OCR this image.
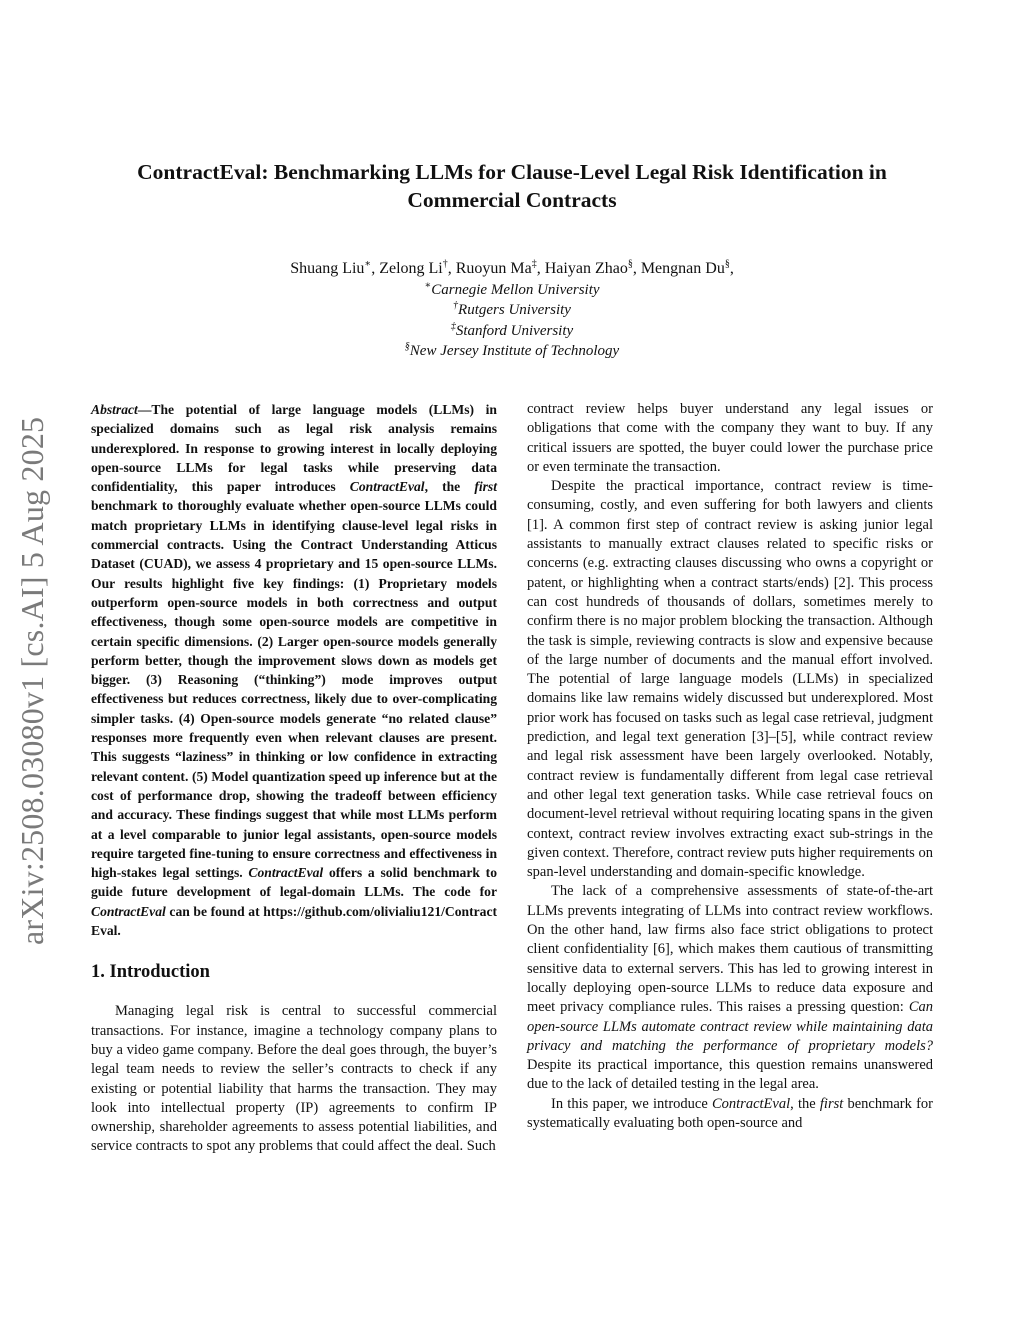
arXiv:2508.03080v1 [cs.AI] 5 Aug 2025
ContractEval: Benchmarking LLMs for Clause-Level Legal Risk Identification in
Commercial Contracts
Shuang Liu∗, Zelong Li†, Ruoyun Ma‡, Haiyan Zhao§, Mengnan Du§,
∗Carnegie Mellon University
†Rutgers University
‡Stanford University
§New Jersey Institute of Technology

Abstract—The potential of large language models (LLMs) in specialized domains such as legal risk analysis remains underexplored. In response to growing interest in locally deploying open-source LLMs for legal tasks while preserving data confidentiality, this paper introduces ContractEval, the first benchmark to thoroughly evaluate whether open-source LLMs could match proprietary LLMs in identifying clause-level legal risks in commercial contracts. Using the Contract Understanding Atticus Dataset (CUAD), we assess 4 proprietary and 15 open-source LLMs. Our results highlight five key findings: (1) Proprietary models outperform open-source models in both correctness and output effectiveness, though some open-source models are competitive in certain specific dimensions. (2) Larger open-source models generally perform better, though the improvement slows down as models get bigger. (3) Reasoning (“thinking”) mode improves output effectiveness but reduces correctness, likely due to over-complicating simpler tasks. (4) Open-source models generate “no related clause” responses more frequently even when relevant clauses are present. This suggests “laziness” in thinking or low confidence in extracting relevant content. (5) Model quantization speed up inference but at the cost of performance drop, showing the tradeoff between efficiency and accuracy. These findings suggest that while most LLMs perform at a level comparable to junior legal assistants, open-source models require targeted fine-tuning to ensure correctness and effectiveness in high-stakes legal settings. ContractEval offers a solid benchmark to guide future development of legal-domain LLMs. The code for ContractEval can be found at https://github.com/olivialiu121/ContractEval.

1. Introduction

Managing legal risk is central to successful commercial transactions. For instance, imagine a technology company plans to buy a video game company. Before the deal goes through, the buyer’s legal team needs to review the seller’s contracts to check if any existing or potential liability that harms the transaction. They may look into intellectual property (IP) agreements to confirm IP ownership, shareholder agreements to assess potential liabilities, and service contracts to spot any problems that could affect the deal. Such

contract review helps buyer understand any legal issues or obligations that come with the company they want to buy. If any critical issuers are spotted, the buyer could lower the purchase price or even terminate the transaction.

Despite the practical importance, contract review is time-consuming, costly, and even suffering for both lawyers and clients [1]. A common first step of contract review is asking junior legal assistants to manually extract clauses related to specific risks or concerns (e.g. extracting clauses discussing who owns a copyright or patent, or highlighting when a contract starts/ends) [2]. This process can cost hundreds of thousands of dollars, sometimes merely to confirm there is no major problem blocking the transaction. Although the task is simple, reviewing contracts is slow and expensive because of the large number of documents and the manual effort involved. The potential of large language models (LLMs) in specialized domains like law remains widely discussed but underexplored. Most prior work has focused on tasks such as legal case retrieval, judgment prediction, and legal text generation [3]–[5], while contract review and legal risk assessment have been largely overlooked. Notably, contract review is fundamentally different from legal case retrieval and other legal text generation tasks. While case retrieval foucs on document-level retrieval without requiring locating spans in the given context, contract review involves extracting exact sub-strings in the given context. Therefore, contract review puts higher requirements on span-level understanding and domain-specific knowledge.

The lack of a comprehensive assessments of state-of-the-art LLMs prevents integrating of LLMs into contract review workflows. On the other hand, law firms also face strict obligations to protect client confidentiality [6], which makes them cautious of transmitting sensitive data to external servers. This has led to growing interest in locally deploying open-source LLMs to reduce data exposure and meet privacy compliance rules. This raises a pressing question: Can open-source LLMs automate contract review while maintaining data privacy and matching the performance of proprietary models? Despite its practical importance, this question remains unanswered due to the lack of detailed testing in the legal area.

In this paper, we introduce ContractEval, the first benchmark for systematically evaluating both open-source and
